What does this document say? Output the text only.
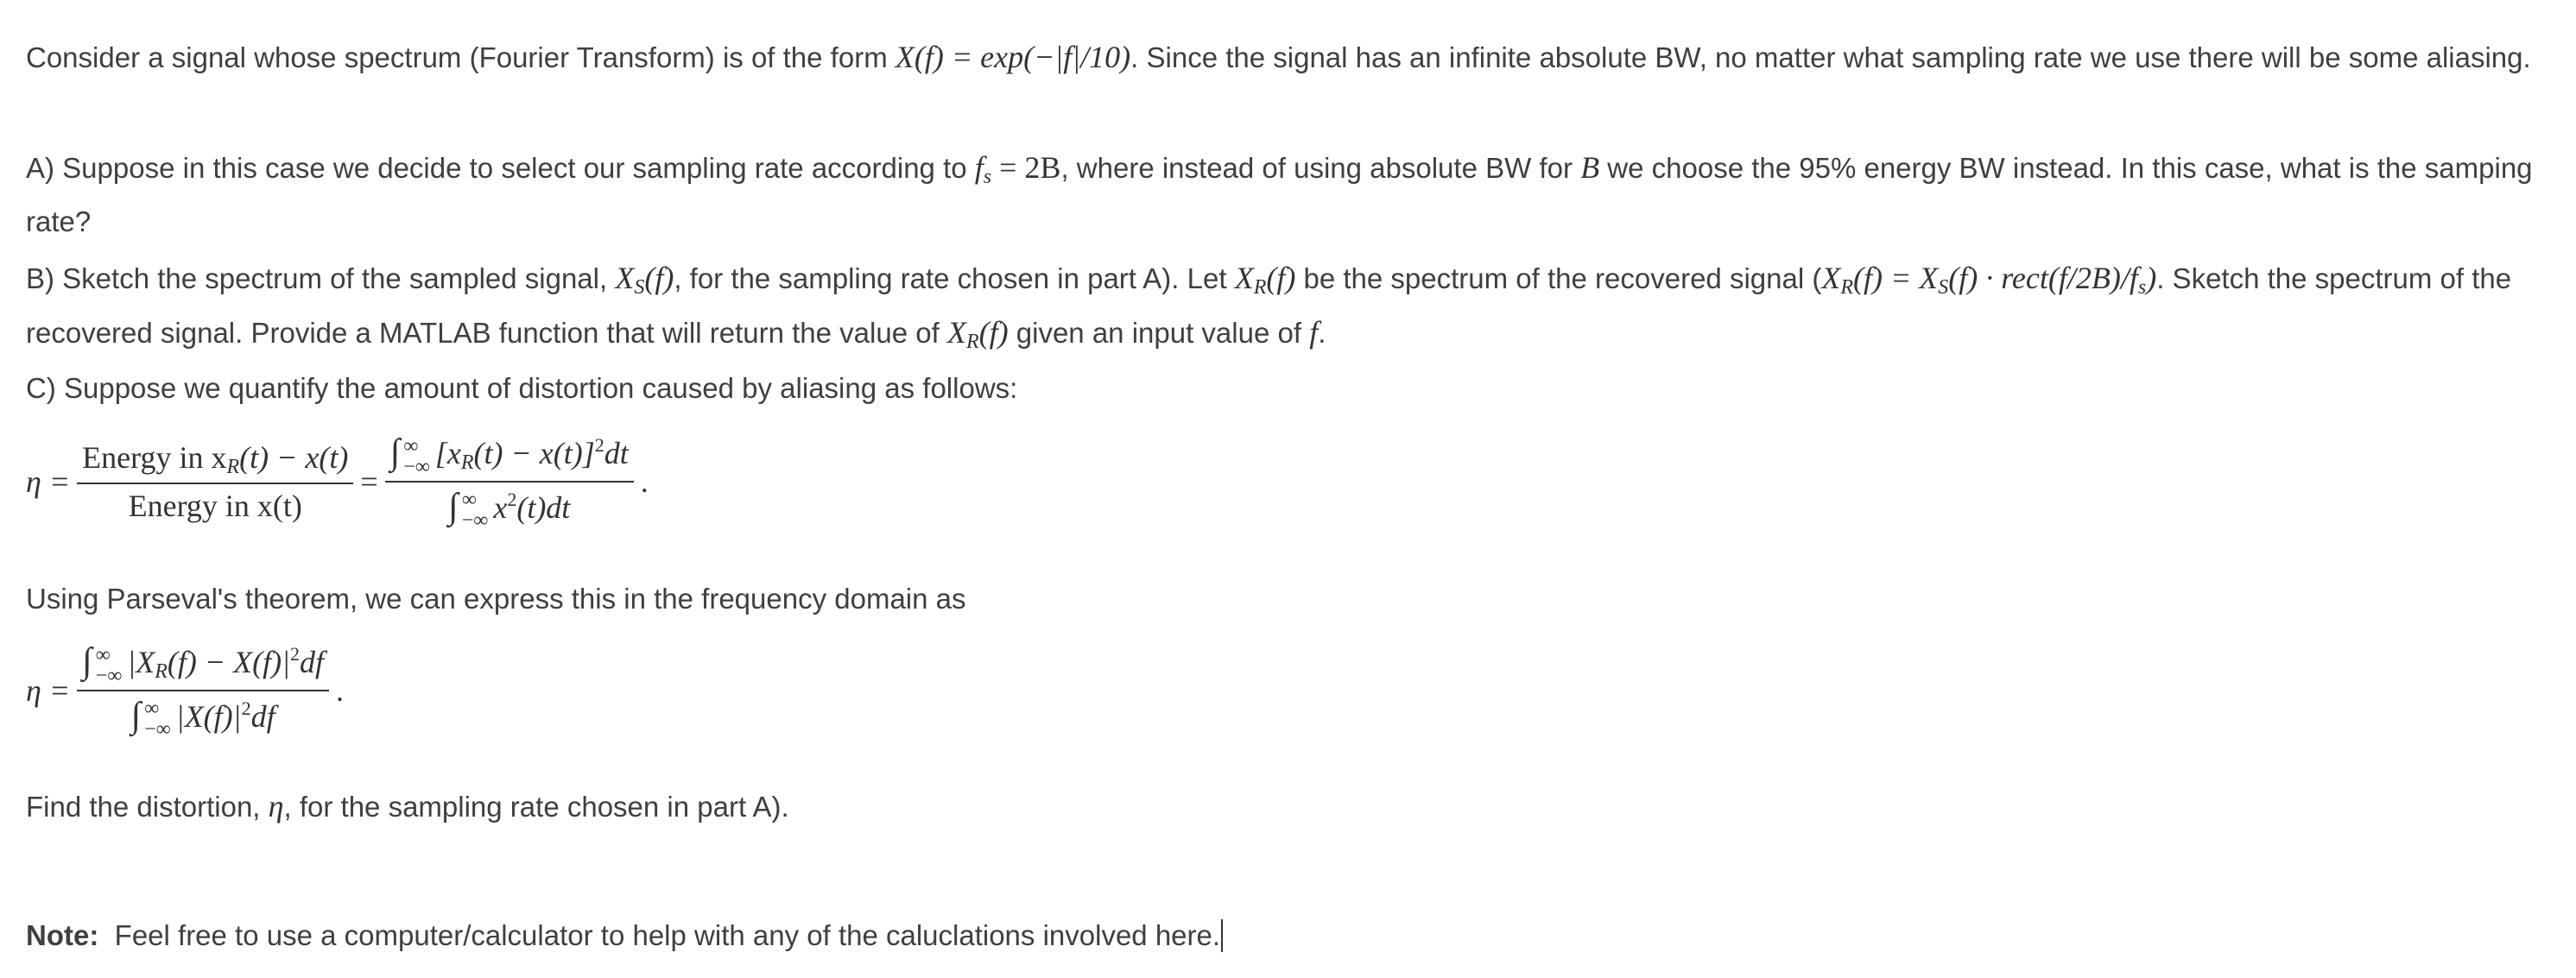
Consider a signal whose spectrum (Fourier Transform) is of the form X(f) = exp(−|f|/10). Since the signal has an infinite absolute BW, no matter what sampling rate we use there will be some aliasing.

A) Suppose in this case we decide to select our sampling rate according to $f_s = 2B$, where instead of using absolute BW for B we choose the 95% energy BW instead. In this case, what is the samping rate?

B) Sketch the spectrum of the sampled signal, $X_S(f)$, for the sampling rate chosen in part A). Let $X_R(f)$ be the spectrum of the recovered signal ($X_R(f) = X_S(f)$ · $rect(f/2B)/f_s$). Sketch the spectrum of the recovered signal. Provide a MATLAB function that will return the value of $X_R(f)$ given an input value of f.

C) Suppose we quantify the amount of distortion caused by aliasing as follows:

$\eta = \frac{Energy in x_R(t) - x(t)}{\text{Energy in x(t)}}$ = ∫ ∞
−∞ $[x_R(t) - x(t)]^2dt$
∫ ∞
−∞ $x^2(t)dt$ .

Using Parseval's theorem, we can express this in the frequency domain as

η = ∫ ∞
−∞ $|X_R(f) - X(f)|^2df$
∫ ∞
−∞ $|X(f)|^2df$ .

Find the distortion, η, for the sampling rate chosen in part A).

Note:  Feel free to use a computer/calculator to help with any of the caluclations involved here.
